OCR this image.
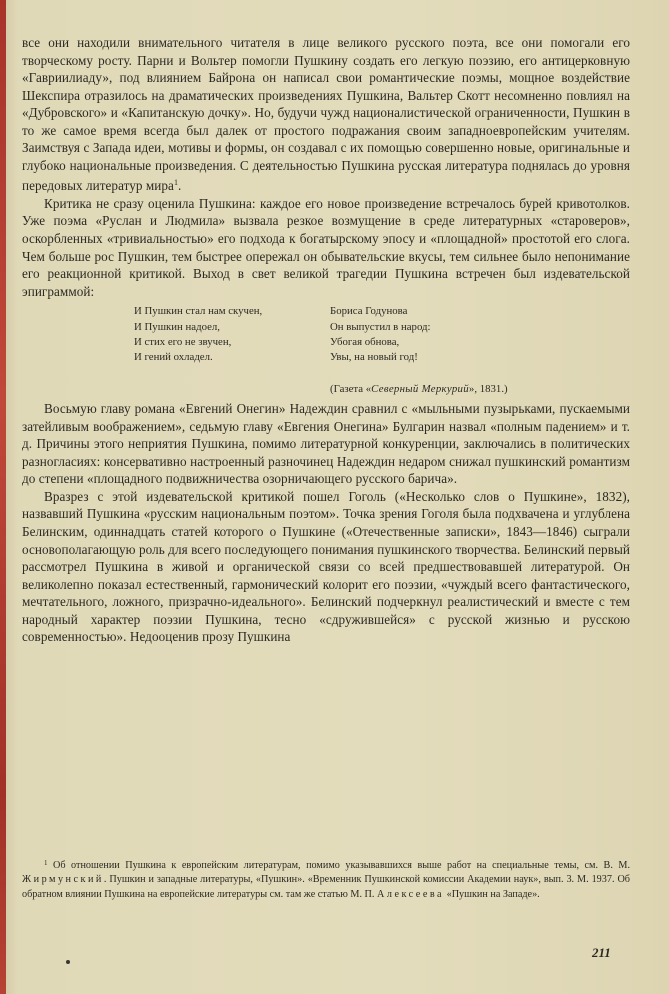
все они находили внимательного читателя в лице великого русского поэта, все они помогали его творческому росту. Парни и Вольтер помогли Пушкину создать его легкую поэзию, его антицерковную «Гавриилиаду», под влиянием Байрона он написал свои романтические поэмы, мощное воздействие Шекспира отразилось на драматических произведениях Пушкина, Вальтер Скотт несомненно повлиял на «Дубровского» и «Капитанскую дочку». Но, будучи чужд националистической ограниченности, Пушкин в то же самое время всегда был далек от простого подражания своим западноевропейским учителям. Заимствуя с Запада идеи, мотивы и формы, он создавал с их помощью совершенно новые, оригинальные и глубоко национальные произведения. С деятельностью Пушкина русская литература поднялась до уровня передовых литератур мира$^1$.

Критика не сразу оценила Пушкина: каждое его новое произведение встречалось бурей кривотолков. Уже поэма «Руслан и Людмила» вызвала резкое возмущение в среде литературных «староверов», оскорбленных «тривиальностью» его подхода к богатырскому эпосу и «площадной» простотой его слога. Чем больше рос Пушкин, тем быстрее опережал он обывательские вкусы, тем сильнее было непонимание его реакционной критикой. Выход в свет великой трагедии Пушкина встречен был издевательской эпиграммой:

И Пушкин стал нам скучен,
И Пушкин надоел,
И стих его не звучен,
И гений охладел.
Бориса Годунова
Он выпустил в народ:
Убогая обнова,
Увы, на новый год!
(Газета «Северный Меркурий», 1831.)

Восьмую главу романа «Евгений Онегин» Надеждин сравнил с «мыльными пузырьками, пускаемыми затейливым воображением», седьмую главу «Евгения Онегина» Булгарин назвал «полным падением» и т. д. Причины этого неприятия Пушкина, помимо литературной конкуренции, заключались в политических разногласиях: консервативно настроенный разночинец Надеждин недаром снижал пушкинский романтизм до степени «площадного подвижничества озорничающего русского барича».

Вразрез с этой издевательской критикой пошел Гоголь («Несколько слов о Пушкине», 1832), назвавший Пушкина «русским национальным поэтом». Точка зрения Гоголя была подхвачена и углублена Белинским, одиннадцать статей которого о Пушкине («Отечественные записки», 1843—1846) сыграли основополагающую роль для всего последующего понимания пушкинского творчества. Белинский первый рассмотрел Пушкина в живой и органической связи со всей предшествовавшей литературой. Он великолепно показал естественный, гармонический колорит его поэзии, «чуждый всего фантастического, мечтательного, ложного, призрачно-идеального». Белинский подчеркнул реалистический и вместе с тем народный характер поэзии Пушкина, тесно «сдружившейся» с русской жизнью и русскою современностью». Недооценив прозу Пушкина

$^1$ Об отношении Пушкина к европейским литературам, помимо указывавшихся выше работ на специальные темы, см. В. М. Жирмунский. Пушкин и западные литературы, «Пушкин». «Временник Пушкинской комиссии Академии наук», вып. 3. М. 1937. Об обратном влиянии Пушкина на европейские литературы см. там же статью М. П. Алексеева «Пушкин на Западе».

211
